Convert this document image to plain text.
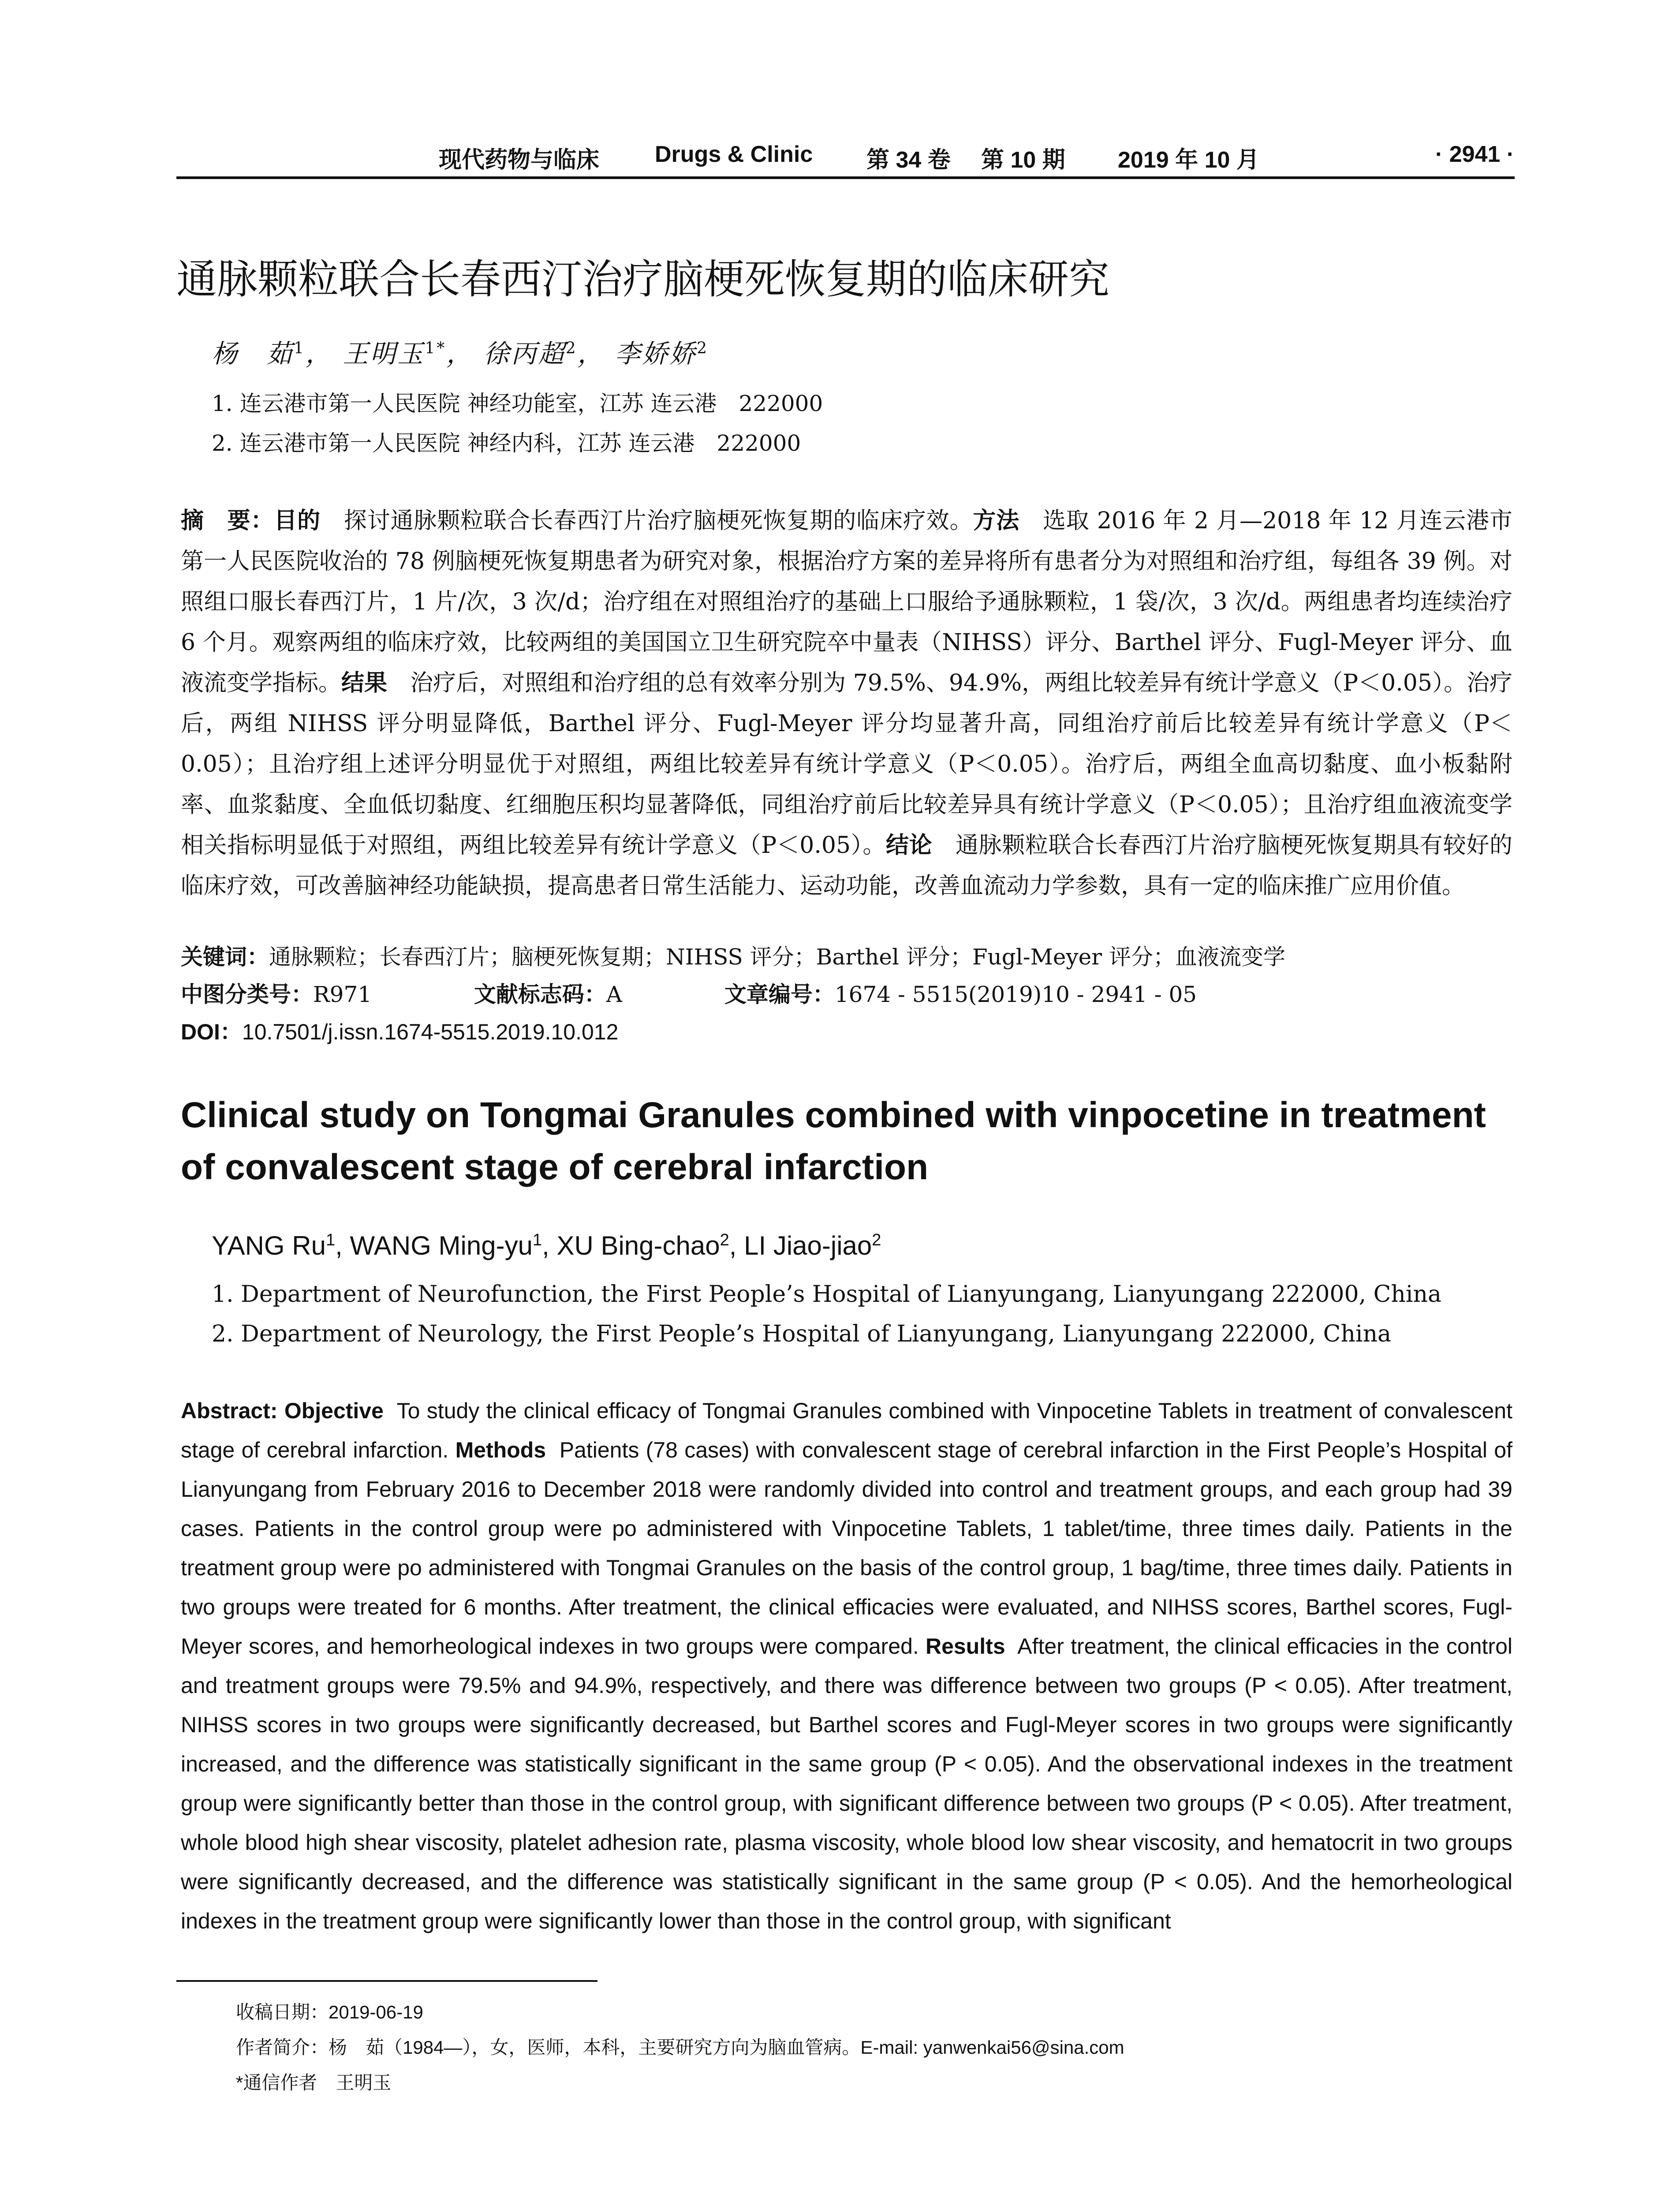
现代药物与临床 Drugs & Clinic 第 34 卷 第 10 期 2019 年 10 月	· 2941 ·
通脉颗粒联合长春西汀治疗脑梗死恢复期的临床研究
杨　茹$^1$， 王明玉$^{1*}$， 徐丙超$^2$， 李娇娇$^2$
1. 连云港市第一人民医院 神经功能室，江苏 连云港　222000
2. 连云港市第一人民医院 神经内科，江苏 连云港　222000
摘　要：目的　 探讨通脉颗粒联合长春西汀片治疗脑梗死恢复期的临床疗效。方法　 选取 2016 年 2 月—2018 年 12 月连云港市第一人民医院收治的 78 例脑梗死恢复期患者为研究对象，根据治疗方案的差异将所有患者分为对照组和治疗组，每组各 39 例。对照组口服长春西汀片，1 片/次，3 次/d；治疗组在对照组治疗的基础上口服给予通脉颗粒，1 袋/次，3 次/d。两组患者均连续治疗 6 个月。观察两组的临床疗效，比较两组的美国国立卫生研究院卒中量表（NIHSS）评分、Barthel 评分、Fugl-Meyer 评分、血液流变学指标。结果　 治疗后，对照组和治疗组的总有效率分别为 79.5%、94.9%，两组比较差异有统计学意义（P＜0.05）。治疗后，两组 NIHSS 评分明显降低，Barthel 评分、Fugl-Meyer 评分均显著升高，同组治疗前后比较差异有统计学意义（P＜0.05）；且治疗组上述评分明显优于对照组，两组比较差异有统计学意义（P＜0.05）。治疗后，两组全血高切黏度、血小板黏附率、血浆黏度、全血低切黏度、红细胞压积均显著降低，同组治疗前后比较差异具有统计学意义（P＜0.05）；且治疗组血液流变学相关指标明显低于对照组，两组比较差异有统计学意义（P＜0.05）。结论　 通脉颗粒联合长春西汀片治疗脑梗死恢复期具有较好的临床疗效，可改善脑神经功能缺损，提高患者日常生活能力、运动功能，改善血流动力学参数，具有一定的临床推广应用价值。
关键词：通脉颗粒；长春西汀片；脑梗死恢复期；NIHSS 评分；Barthel 评分；Fugl-Meyer 评分；血液流变学
中图分类号：R971	文献标志码：A	文章编号：1674 - 5515(2019)10 - 2941 - 05
DOI：10.7501/j.issn.1674-5515.2019.10.012
Clinical study on Tongmai Granules combined with vinpocetine in treatment of convalescent stage of cerebral infarction
YANG Ru$^1$, WANG Ming-$yu^1$, XU Bing-chao$^2$, LI Jiao-jiao$^2$
1. Department of Neurofunction, the First People’s Hospital of Lianyungang, Lianyungang 222000, China
2. Department of Neurology, the First People’s Hospital of Lianyungang, Lianyungang 222000, China
Abstract: Objective To study the clinical efficacy of Tongmai Granules combined with Vinpocetine Tablets in treatment of convalescent stage of cerebral infarction. Methods Patients (78 cases) with convalescent stage of cerebral infarction in the First People’s Hospital of Lianyungang from February 2016 to December 2018 were randomly divided into control and treatment groups, and each group had 39 cases. Patients in the control group were po administered with Vinpocetine Tablets, 1 tablet/time, three times daily. Patients in the treatment group were po administered with Tongmai Granules on the basis of the control group, 1 bag/time, three times daily. Patients in two groups were treated for 6 months. After treatment, the clinical efficacies were evaluated, and NIHSS scores, Barthel scores, Fugl-Meyer scores, and hemorheological indexes in two groups were compared. Results After treatment, the clinical efficacies in the control and treatment groups were 79.5% and 94.9%, respectively, and there was difference between two groups (P < 0.05). After treatment, NIHSS scores in two groups were significantly decreased, but Barthel scores and Fugl-Meyer scores in two groups were significantly increased, and the difference was statistically significant in the same group (P < 0.05). And the observational indexes in the treatment group were significantly better than those in the control group, with significant difference between two groups (P < 0.05). After treatment, whole blood high shear viscosity, platelet adhesion rate, plasma viscosity, whole blood low shear viscosity, and hematocrit in two groups were significantly decreased, and the difference was statistically significant in the same group (P < 0.05). And the hemorheological indexes in the treatment group were significantly lower than those in the control group, with significant
收稿日期：2019-06-19
作者简介：杨　茹（1984—），女，医师，本科，主要研究方向为脑血管病。E-mail: yanwenkai56@sina.com
*通信作者　王明玉
